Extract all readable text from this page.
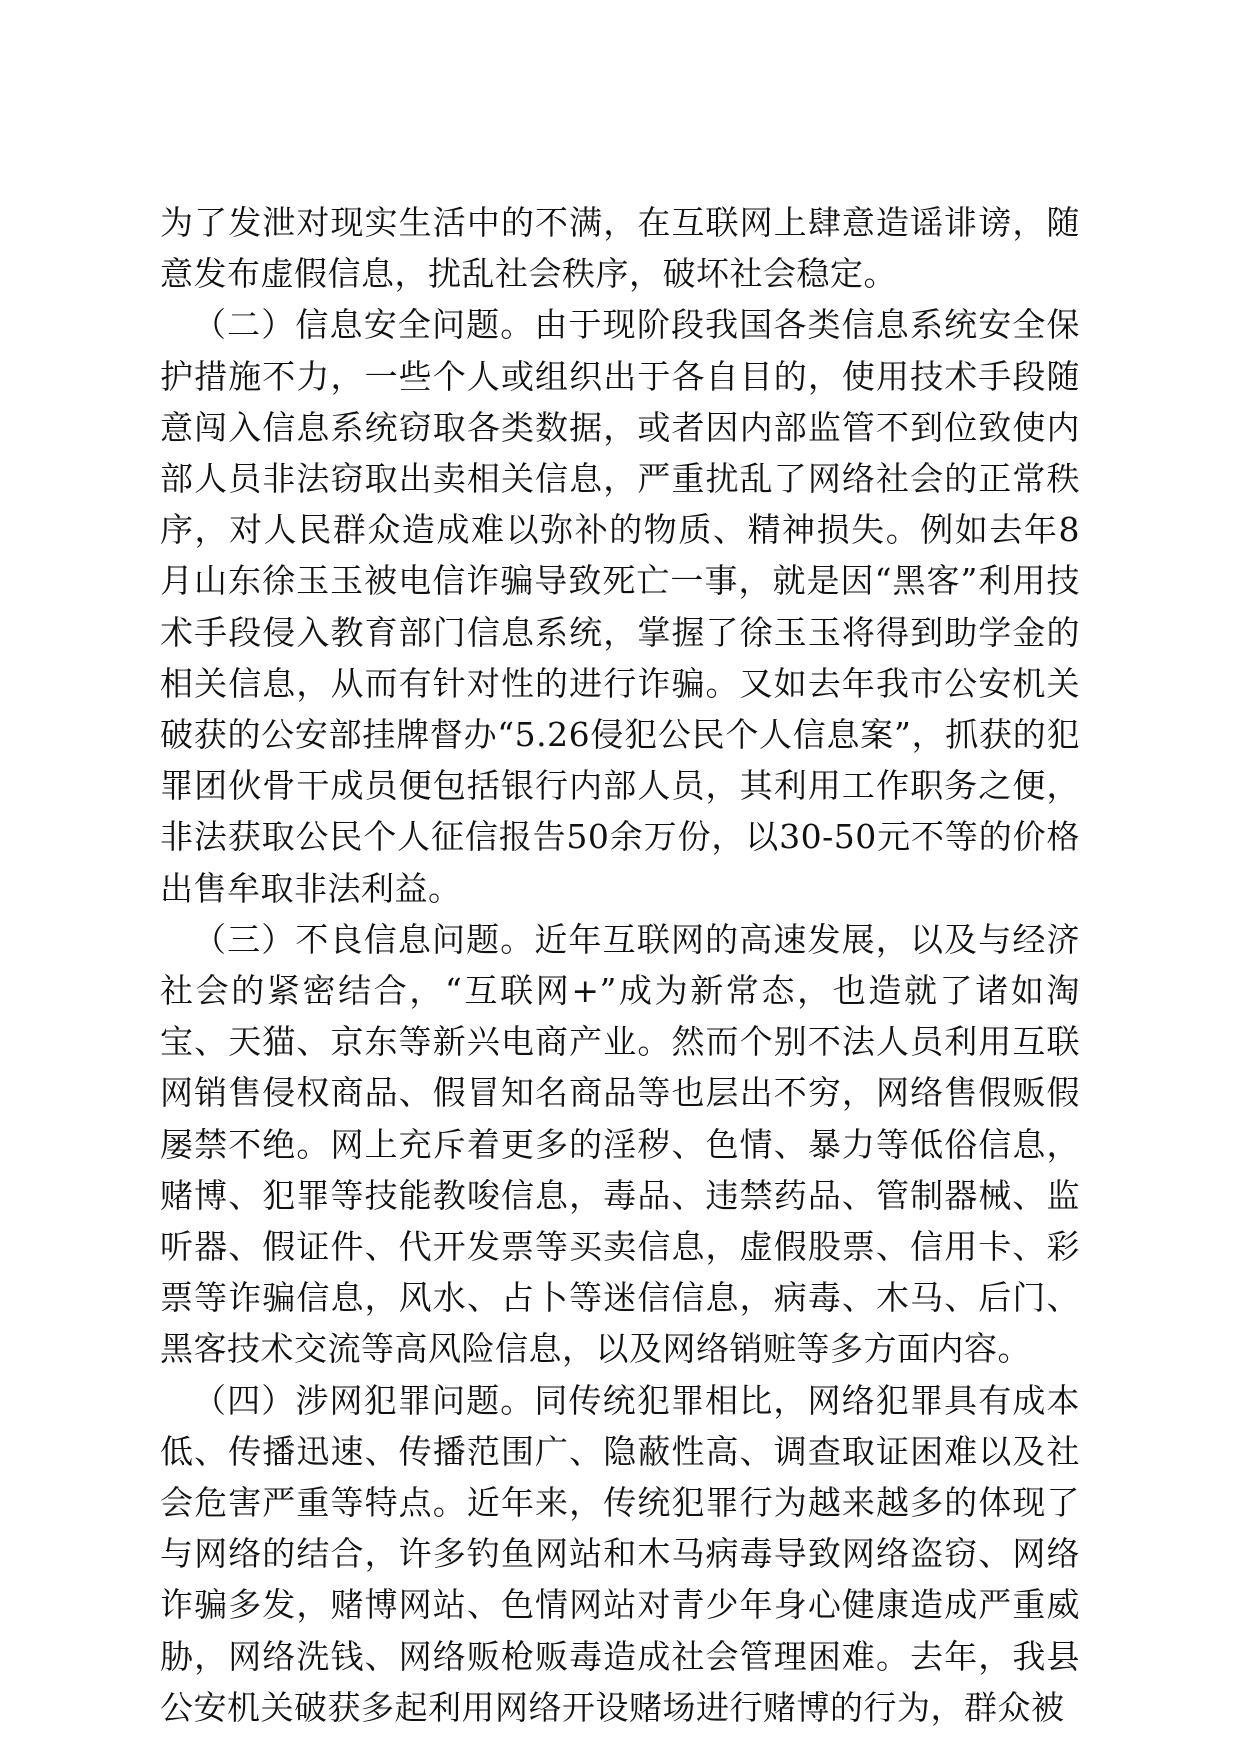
为了发泄对现实生活中的不满，在互联网上肆意造谣诽谤，随意发布虚假信息，扰乱社会秩序，破坏社会稳定。

（二）信息安全问题。由于现阶段我国各类信息系统安全保护措施不力，一些个人或组织出于各自目的，使用技术手段随意闯入信息系统窃取各类数据，或者因内部监管不到位致使内部人员非法窃取出卖相关信息，严重扰乱了网络社会的正常秩序，对人民群众造成难以弥补的物质、精神损失。例如去年8月山东徐玉玉被电信诈骗导致死亡一事，就是因“黑客”利用技术手段侵入教育部门信息系统，掌握了徐玉玉将得到助学金的相关信息，从而有针对性的进行诈骗。又如去年我市公安机关破获的公安部挂牌督办“5.26侵犯公民个人信息案”，抓获的犯罪团伙骨干成员便包括银行内部人员，其利用工作职务之便，非法获取公民个人征信报告50余万份，以30-50元不等的价格出售牟取非法利益。

（三）不良信息问题。近年互联网的高速发展，以及与经济社会的紧密结合，“互联网+”成为新常态，也造就了诸如淘宝、天猫、京东等新兴电商产业。然而个别不法人员利用互联网销售侵权商品、假冒知名商品等也层出不穷，网络售假贩假屡禁不绝。网上充斥着更多的淫秽、色情、暴力等低俗信息，赌博、犯罪等技能教唆信息，毒品、违禁药品、管制器械、监听器、假证件、代开发票等买卖信息，虚假股票、信用卡、彩票等诈骗信息，风水、占卜等迷信信息，病毒、木马、后门、黑客技术交流等高风险信息，以及网络销赃等多方面内容。

（四）涉网犯罪问题。同传统犯罪相比，网络犯罪具有成本低、传播迅速、传播范围广、隐蔽性高、调查取证困难以及社会危害严重等特点。近年来，传统犯罪行为越来越多的体现了与网络的结合，许多钓鱼网站和木马病毒导致网络盗窃、网络诈骗多发，赌博网站、色情网站对青少年身心健康造成严重威胁，网络洗钱、网络贩枪贩毒造成社会管理困难。去年，我县公安机关破获多起利用网络开设赌场进行赌博的行为，群众被
